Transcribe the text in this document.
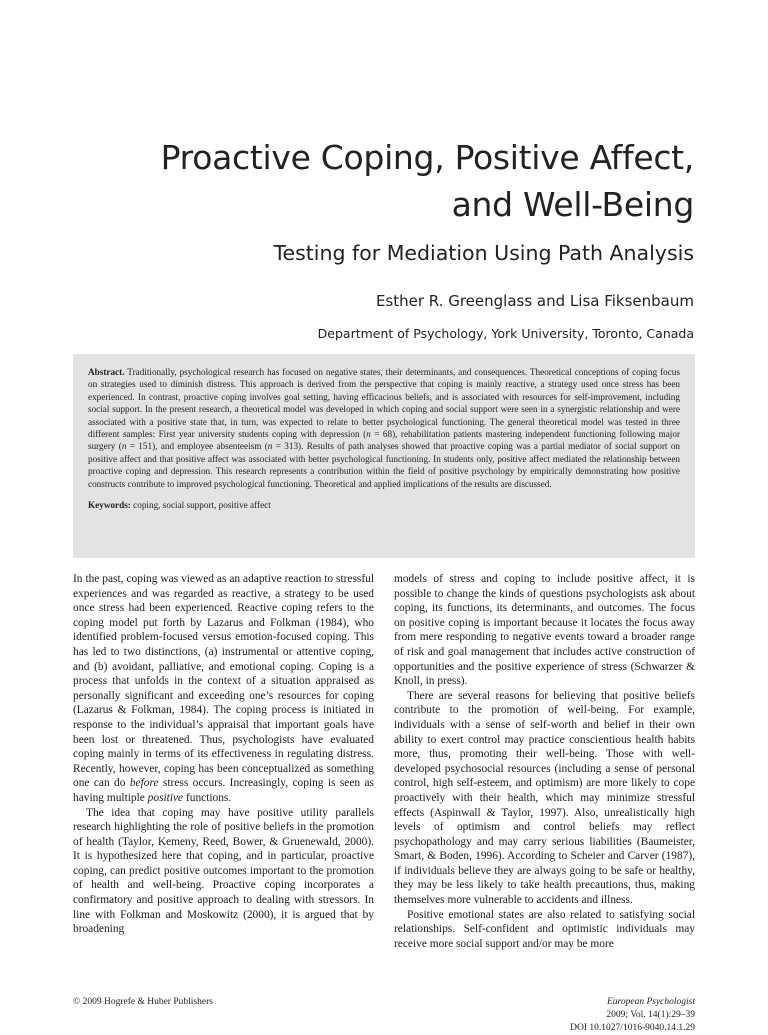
Proactive Coping, Positive Affect,
and Well-Being
Testing for Mediation Using Path Analysis
Esther R. Greenglass and Lisa Fiksenbaum
Department of Psychology, York University, Toronto, Canada

Abstract. Traditionally, psychological research has focused on negative states, their determinants, and consequences. Theoretical conceptions of coping focus on strategies used to diminish distress. This approach is derived from the perspective that coping is mainly reactive, a strategy used once stress has been experienced. In contrast, proactive coping involves goal setting, having efficacious beliefs, and is associated with resources for self-improvement, including social support. In the present research, a theoretical model was developed in which coping and social support were seen in a synergistic relationship and were associated with a positive state that, in turn, was expected to relate to better psychological functioning. The general theoretical model was tested in three different samples: First year university students coping with depression (n = 68), rehabilitation patients mastering independent functioning following major surgery (n = 151), and employee absenteeism (n = 313). Results of path analyses showed that proactive coping was a partial mediator of social support on positive affect and that positive affect was associated with better psychological functioning. In students only, positive affect mediated the relationship between proactive coping and depression. This research represents a contribution within the field of positive psychology by empirically demonstrating how positive constructs contribute to improved psychological functioning. Theoretical and applied implications of the results are discussed.

Keywords: coping, social support, positive affect

In the past, coping was viewed as an adaptive reaction to stressful experiences and was regarded as reactive, a strategy to be used once stress had been experienced. Reactive coping refers to the coping model put forth by Lazarus and Folkman (1984), who identified problem-focused versus emotion-focused coping. This has led to two distinctions, (a) instrumental or attentive coping, and (b) avoidant, palliative, and emotional coping. Coping is a process that unfolds in the context of a situation appraised as personally significant and exceeding one’s resources for coping (Lazarus & Folkman, 1984). The coping process is initiated in response to the individual’s appraisal that important goals have been lost or threatened. Thus, psychologists have evaluated coping mainly in terms of its effectiveness in regulating distress. Recently, however, coping has been conceptualized as something one can do before stress occurs. Increasingly, coping is seen as having multiple positive functions.

The idea that coping may have positive utility parallels research highlighting the role of positive beliefs in the promotion of health (Taylor, Kemeny, Reed, Bower, & Gruenewald, 2000). It is hypothesized here that coping, and in particular, proactive coping, can predict positive outcomes important to the promotion of health and well-being. Proactive coping incorporates a confirmatory and positive approach to dealing with stressors. In line with Folkman and Moskowitz (2000), it is argued that by broadening

models of stress and coping to include positive affect, it is possible to change the kinds of questions psychologists ask about coping, its functions, its determinants, and outcomes. The focus on positive coping is important because it locates the focus away from mere responding to negative events toward a broader range of risk and goal management that includes active construction of opportunities and the positive experience of stress (Schwarzer & Knoll, in press).

There are several reasons for believing that positive beliefs contribute to the promotion of well-being. For example, individuals with a sense of self-worth and belief in their own ability to exert control may practice conscientious health habits more, thus, promoting their well-being. Those with well-developed psychosocial resources (including a sense of personal control, high self-esteem, and optimism) are more likely to cope proactively with their health, which may minimize stressful effects (Aspinwall & Taylor, 1997). Also, unrealistically high levels of optimism and control beliefs may reflect psychopathology and may carry serious liabilities (Baumeister, Smart, & Boden, 1996). According to Scheier and Carver (1987), if individuals believe they are always going to be safe or healthy, they may be less likely to take health precautions, thus, making themselves more vulnerable to accidents and illness.

Positive emotional states are also related to satisfying social relationships. Self-confident and optimistic individuals may receive more social support and/or may be more

© 2009 Hogrefe & Huber Publishers	European Psychologist
2009; Vol. 14(1):29–39
DOI 10.1027/1016-9040.14.1.29
